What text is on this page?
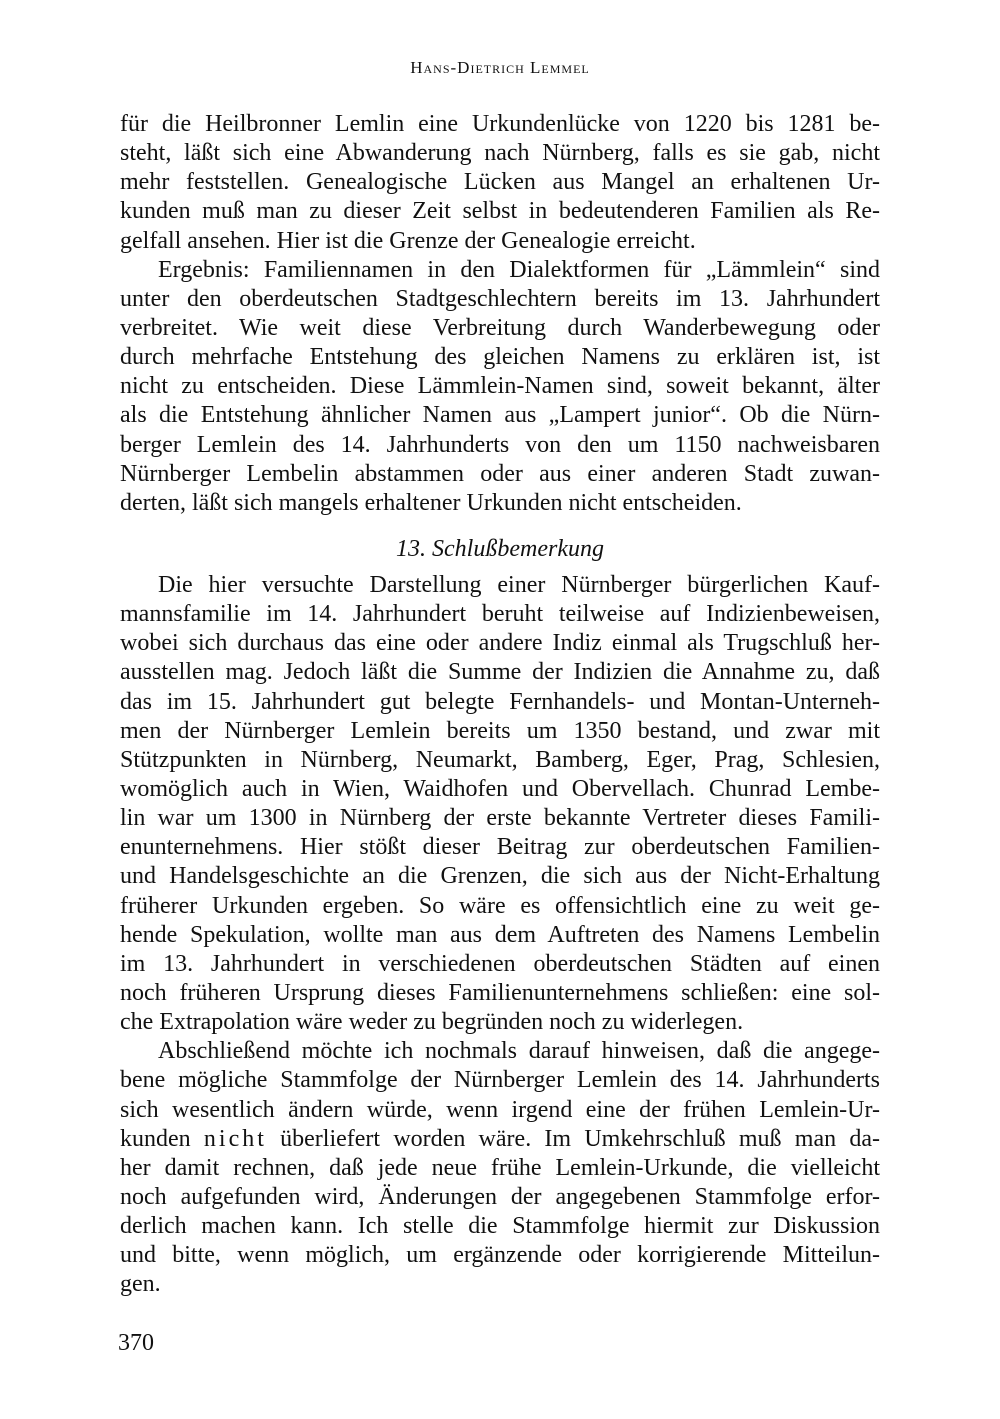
Hans-Dietrich Lemmel
für die Heilbronner Lemlin eine Urkundenlücke von 1220 bis 1281 be-
steht, läßt sich eine Abwanderung nach Nürnberg, falls es sie gab, nicht
mehr feststellen. Genealogische Lücken aus Mangel an erhaltenen Ur-
kunden muß man zu dieser Zeit selbst in bedeutenderen Familien als Re-
gelfall ansehen. Hier ist die Grenze der Genealogie erreicht.
Ergebnis: Familiennamen in den Dialektformen für „Lämmlein“ sind
unter den oberdeutschen Stadtgeschlechtern bereits im 13. Jahrhundert
verbreitet. Wie weit diese Verbreitung durch Wanderbewegung oder
durch mehrfache Entstehung des gleichen Namens zu erklären ist, ist
nicht zu entscheiden. Diese Lämmlein-Namen sind, soweit bekannt, älter
als die Entstehung ähnlicher Namen aus „Lampert junior“. Ob die Nürn-
berger Lemlein des 14. Jahrhunderts von den um 1150 nachweisbaren
Nürnberger Lembelin abstammen oder aus einer anderen Stadt zuwan-
derten, läßt sich mangels erhaltener Urkunden nicht entscheiden.
13. Schlußbemerkung
Die hier versuchte Darstellung einer Nürnberger bürgerlichen Kauf-
mannsfamilie im 14. Jahrhundert beruht teilweise auf Indizienbeweisen,
wobei sich durchaus das eine oder andere Indiz einmal als Trugschluß her-
ausstellen mag. Jedoch läßt die Summe der Indizien die Annahme zu, daß
das im 15. Jahrhundert gut belegte Fernhandels- und Montan-Unterneh-
men der Nürnberger Lemlein bereits um 1350 bestand, und zwar mit
Stützpunkten in Nürnberg, Neumarkt, Bamberg, Eger, Prag, Schlesien,
womöglich auch in Wien, Waidhofen und Obervellach. Chunrad Lembe-
lin war um 1300 in Nürnberg der erste bekannte Vertreter dieses Famili-
enunternehmens. Hier stößt dieser Beitrag zur oberdeutschen Familien-
und Handelsgeschichte an die Grenzen, die sich aus der Nicht-Erhaltung
früherer Urkunden ergeben. So wäre es offensichtlich eine zu weit ge-
hende Spekulation, wollte man aus dem Auftreten des Namens Lembelin
im 13. Jahrhundert in verschiedenen oberdeutschen Städten auf einen
noch früheren Ursprung dieses Familienunternehmens schließen: eine sol-
che Extrapolation wäre weder zu begründen noch zu widerlegen.
Abschließend möchte ich nochmals darauf hinweisen, daß die angege-
bene mögliche Stammfolge der Nürnberger Lemlein des 14. Jahrhunderts
sich wesentlich ändern würde, wenn irgend eine der frühen Lemlein-Ur-
kunden nicht überliefert worden wäre. Im Umkehrschluß muß man da-
her damit rechnen, daß jede neue frühe Lemlein-Urkunde, die vielleicht
noch aufgefunden wird, Änderungen der angegebenen Stammfolge erfor-
derlich machen kann. Ich stelle die Stammfolge hiermit zur Diskussion
und bitte, wenn möglich, um ergänzende oder korrigierende Mitteilun-
gen.
370
